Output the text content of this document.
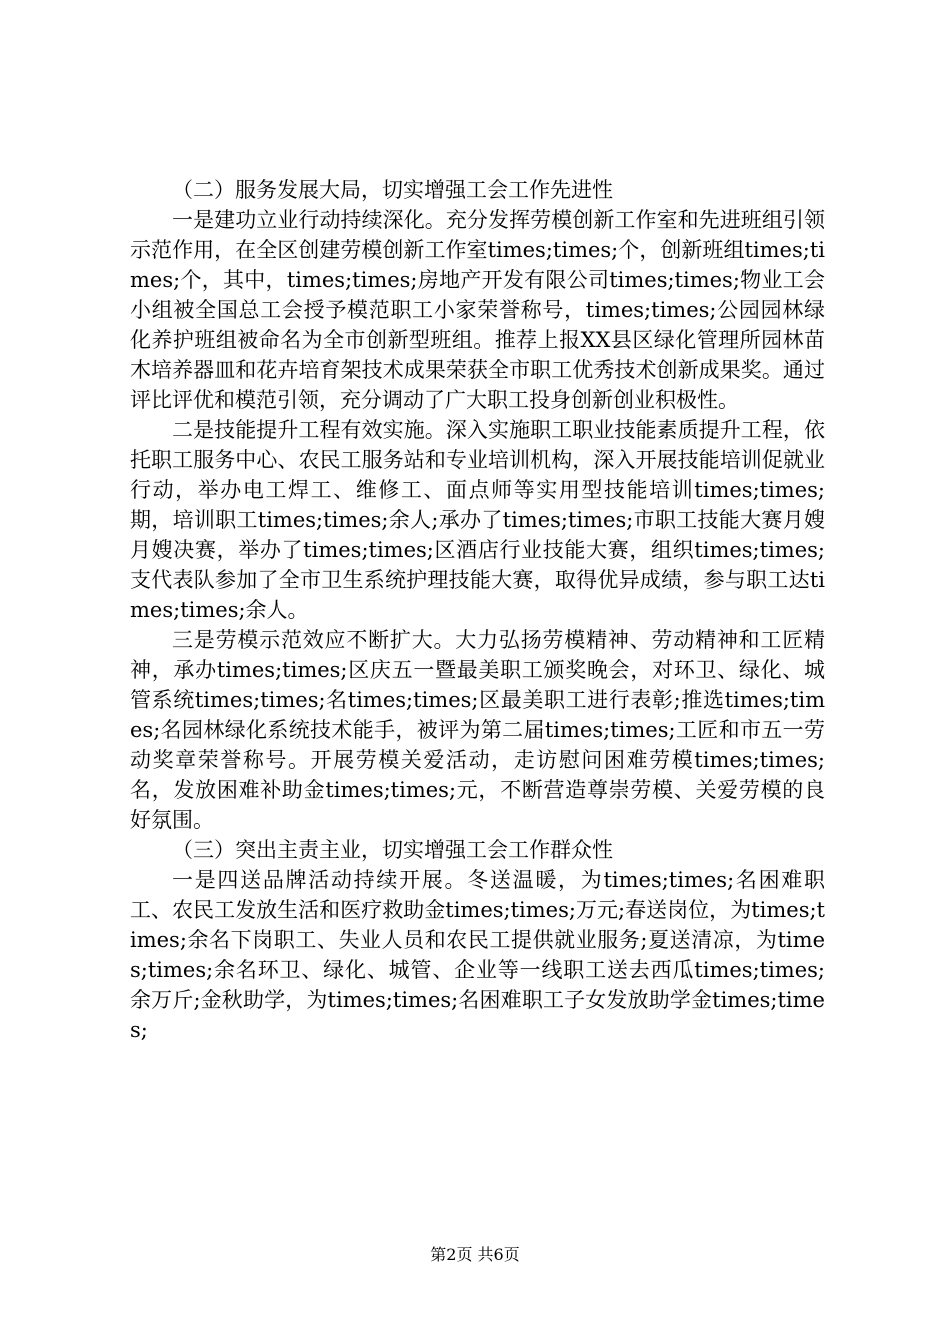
（二）服务发展大局，切实增强工会工作先进性

一是建功立业行动持续深化。充分发挥劳模创新工作室和先进班组引领示范作用，在全区创建劳模创新工作室times;times;个，创新班组times;times;个，其中，times;times;房地产开发有限公司times;times;物业工会小组被全国总工会授予模范职工小家荣誉称号，times;times;公园园林绿化养护班组被命名为全市创新型班组。推荐上报XX县区绿化管理所园林苗木培养器皿和花卉培育架技术成果荣获全市职工优秀技术创新成果奖。通过评比评优和模范引领，充分调动了广大职工投身创新创业积极性。

二是技能提升工程有效实施。深入实施职工职业技能素质提升工程，依托职工服务中心、农民工服务站和专业培训机构，深入开展技能培训促就业行动，举办电工焊工、维修工、面点师等实用型技能培训times;times;期，培训职工times;times;余人;承办了times;times;市职工技能大赛月嫂月嫂决赛，举办了times;times;区酒店行业技能大赛，组织times;times;支代表队参加了全市卫生系统护理技能大赛，取得优异成绩，参与职工达times;times;余人。

三是劳模示范效应不断扩大。大力弘扬劳模精神、劳动精神和工匠精神，承办times;times;区庆五一暨最美职工颁奖晚会，对环卫、绿化、城管系统times;times;名times;times;区最美职工进行表彰;推选times;times;名园林绿化系统技术能手，被评为第二届times;times;工匠和市五一劳动奖章荣誉称号。开展劳模关爱活动，走访慰问困难劳模times;times;名，发放困难补助金times;times;元，不断营造尊崇劳模、关爱劳模的良好氛围。

（三）突出主责主业，切实增强工会工作群众性

一是四送品牌活动持续开展。冬送温暖，为times;times;名困难职工、农民工发放生活和医疗救助金times;times;万元;春送岗位，为times;times;余名下岗职工、失业人员和农民工提供就业服务;夏送清凉，为times;times;余名环卫、绿化、城管、企业等一线职工送去西瓜times;times;余万斤;金秋助学，为times;times;名困难职工子女发放助学金times;times;

第2页 共6页
